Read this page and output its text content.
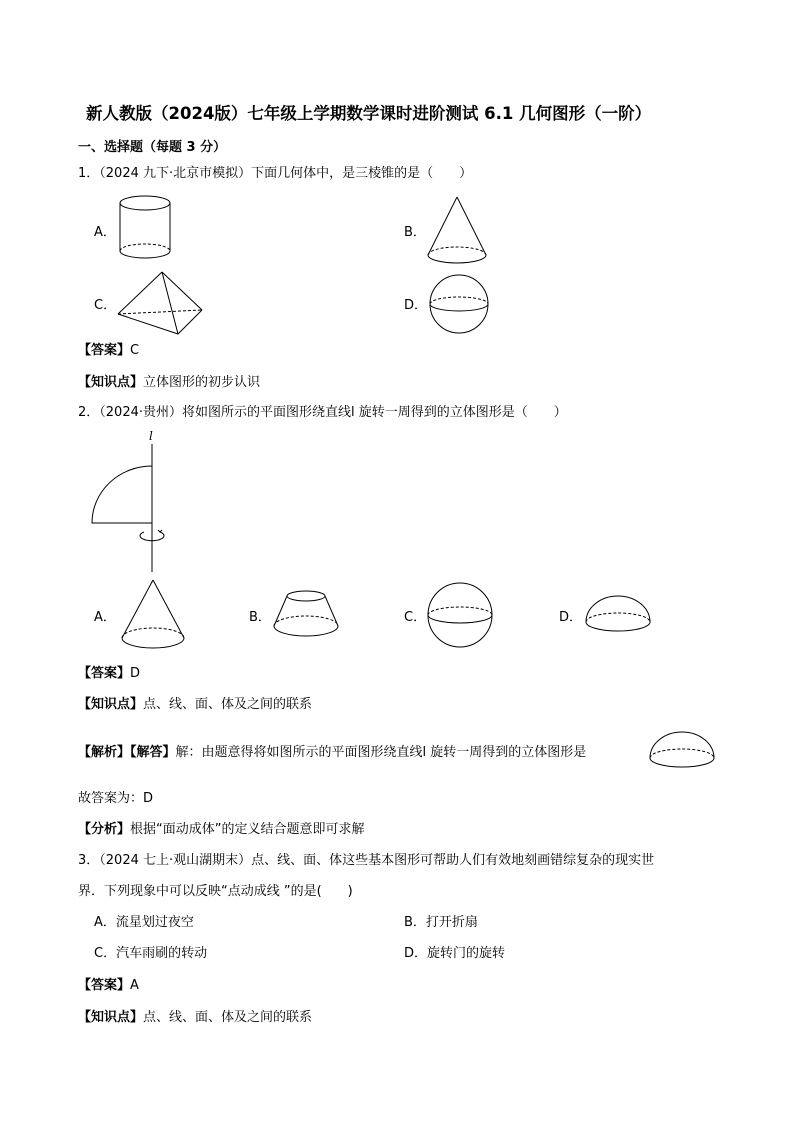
新人教版（2024版）七年级上学期数学课时进阶测试 6.1 几何图形（一阶）
一、选择题（每题 3 分）
1．（2024 九下·北京市模拟）下面几何体中，是三棱锥的是（　　）
A．	B．
C．	D．
【答案】C
【知识点】立体图形的初步认识
2．（2024·贵州）将如图所示的平面图形绕直线l 旋转一周得到的立体图形是（　　）
l
A．	B．	C．	D．
【答案】D
【知识点】点、线、面、体及之间的联系
【解析】【解答】解：由题意得将如图所示的平面图形绕直线l 旋转一周得到的立体图形是
故答案为：D
【分析】根据“面动成体”的定义结合题意即可求解
3．（2024 七上·观山湖期末）点、线、面、体这些基本图形可帮助人们有效地刻画错综复杂的现实世
界．下列现象中可以反映“点动成线 ”的是(　　)
A．流星划过夜空	B．打开折扇
C．汽车雨刷的转动	D．旋转门的旋转
【答案】A
【知识点】点、线、面、体及之间的联系
